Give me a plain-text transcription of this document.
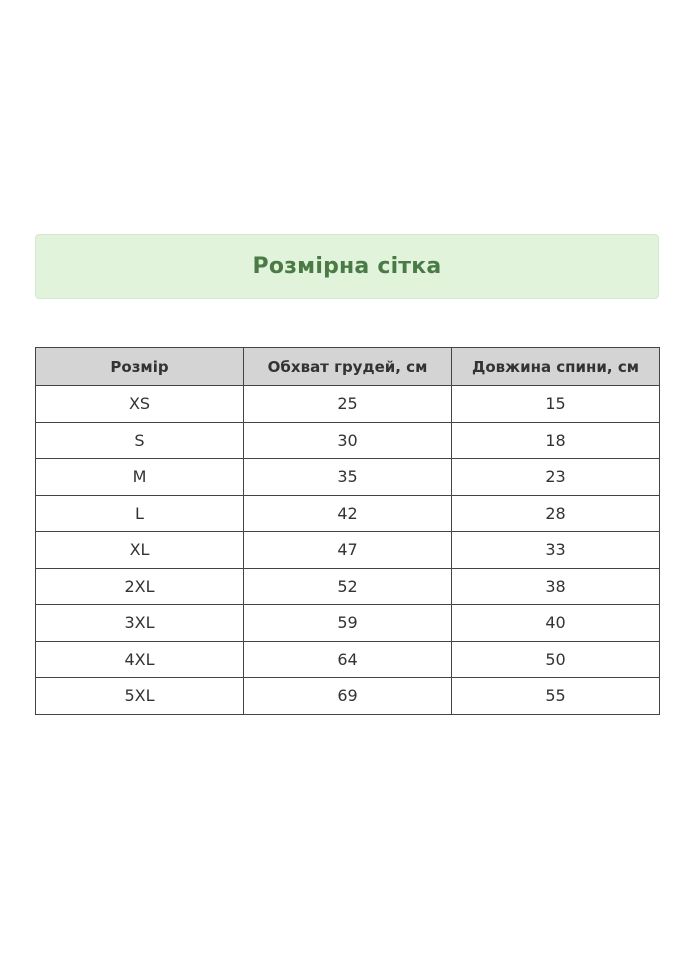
Розмірна сітка
Розмір	Обхват грудей, см	Довжина спини, см
XS	25	15
S	30	18
M	35	23
L	42	28
XL	47	33
2XL	52	38
3XL	59	40
4XL	64	50
5XL	69	55
